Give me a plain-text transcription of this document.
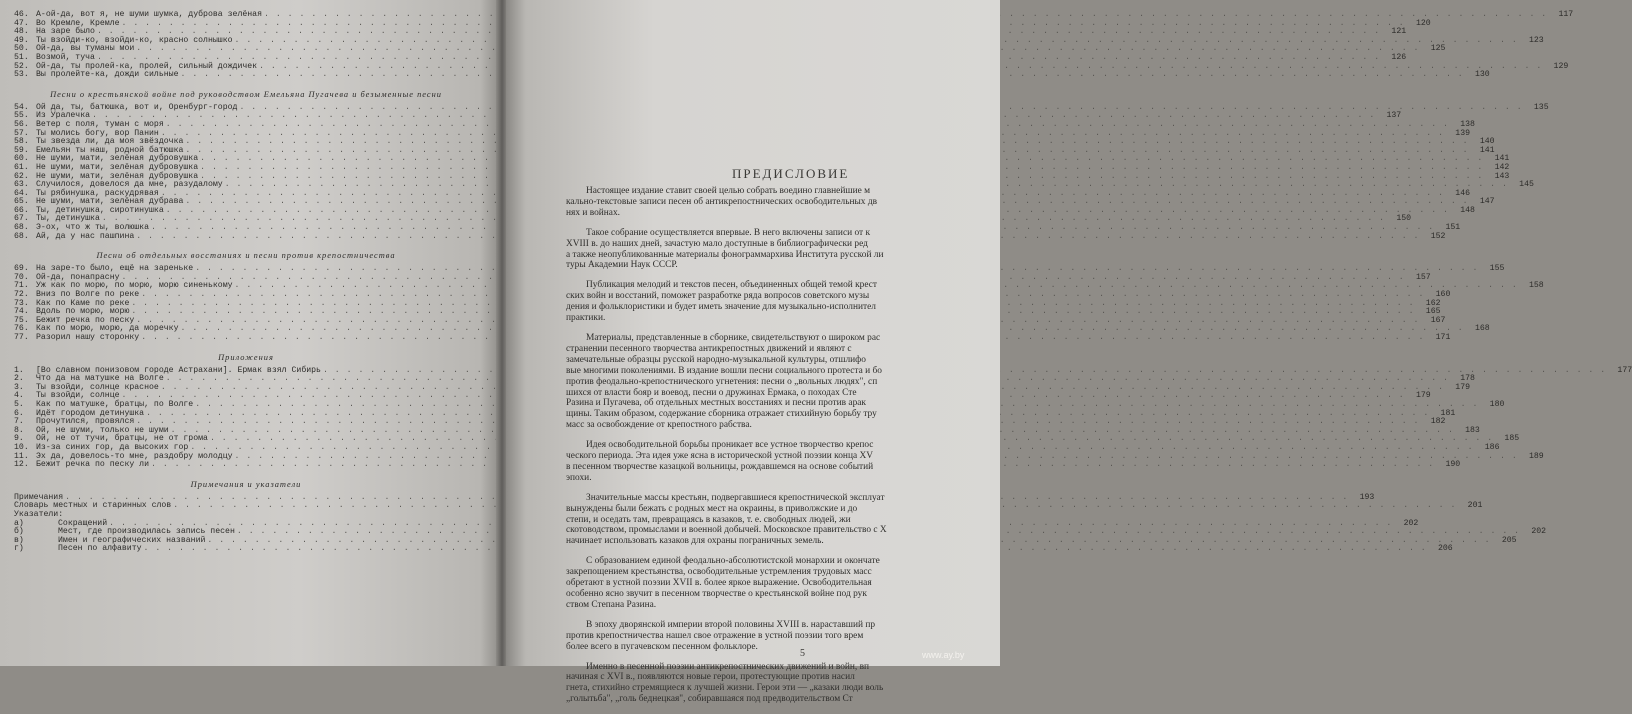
46. А-ой-да, вот я, не шуми шумка, дуброва зелёная . . .	117
47. Во Кремле, Кремле . . .	120
48. На заре было . . .	121
49. Ты взойди-ко, взойди-ко, красно солнышко . . .	123
50. Ой-да, вы туманы мои . . .	125
51. Возмой, туча . . .	126
52. Ой-да, ты пролей-ка, пролей, сильный дождичек . . .	129
53. Вы пролейте-ка, дожди сильные . . .	130
Песни о крестьянской войне под руководством Емельяна Пугачева и безыменные песни
54. Ой да, ты, батюшка, вот и, Оренбург-город . . .	135
55. Из Уралечка . . .	137
56. Ветер с поля, туман с моря . . .	138
57. Ты молись богу, вор Панин . . .	139
58. Ты звезда ли, да моя звёздочка . . .	140
59. Емельян ты наш, родной батюшка . . .	141
60. Не шуми, мати, зелёная дубровушка . . .	141
61. Не шуми, мати, зелёная дубровушка . . .	142
62. Не шуми, мати, зелёная дубровушка . . .	143
63. Случилося, довелося да мне, разудалому . . .	145
64. Ты рябинушка, раскудрявая . . .	146
65. Не шуми, мати, зелёная дубрава . . .	147
66. Ты, детинушка, сиротинушка . . .	148
67. Ты, детинушка . . .	150
68. Э-ох, что ж ты, волюшка . . .	151
68. Ай, да у нас пашпина . . .	152
Песни об отдельных восстаниях и песни против крепостничества
69. На заре-то было, ещё на зареньке . . .	155
70. Ой-да, понапрасну . . .	157
71. Уж как по морю, по морю, морю синенькому . . .	158
72. Вниз по Волге по реке . . .	160
73. Как по Каме по реке . . .	162
74. Вдоль по морю, морю . . .	165
75. Бежит речка по песку . . .	167
76. Как по морю, морю, да моречку . . .	168
77. Разорил нашу сторонку . . .	171
Приложения
1.	[Во славном понизовом городе Астрахани]. Ермак взял Сибирь . . .	177
2.	Что да на матушке на Волге . . .	178
3.	Ты взойди, солнце красное . . .	179
4.	Ты взойди, солнце . . .	179
5.	Как по матушке, братцы, по Волге . . .	180
6.	Идёт городом детинушка . . .	181
7.	Прочутился, провялся . . .	182
8.	Ой, не шуми, только не шуми . . .	183
9.	Ой, не от тучи, братцы, не от грома . . .	185
10. Из-за синих гор, да высоких гор . . .	186
11. Эх да, довелось-то мне, раздобру молодцу . . .	189
12. Бежит речка по песку ли . . .	190
Примечания и указатели
Примечания . . .	193
Словарь местных и старинных слов . . .	201
Указатели:
а)	Сокращений . . .	202
б)	Мест, где производилась запись песен . . .	202
в)	Имен и географических названий . . .	205
г)	Песен по алфавиту . . .	206
ПРЕДИСЛОВИЕ

Настоящее издание ставит своей целью собрать воедино главнейшие м
кально-текстовые записи песен об антикрепостнических освободительных дв
нях и войнах.

Такое собрание осуществляется впервые. В него включены записи от к
XVIII в. до наших дней, зачастую мало доступные в библиографически ред
а также неопубликованные материалы фонограммархива Института русской ли
туры Академии Наук СССР.

Публикация мелодий и текстов песен, объединенных общей темой крест
ских войн и восстаний, поможет разработке ряда вопросов советского музы
дения и фольклористики и будет иметь значение для музыкально-исполнител
практики.

Материалы, представленные в сборнике, свидетельствуют о широком рас
странении песенного творчества антикрепостных движений и являют с
замечательные образцы русской народно-музыкальной культуры, отшлифо
вые многими поколениями. В издание вошли песни социального протеста и бо
против феодально-крепостнического угнетения: песни о „вольных людях", сп
шихся от власти бояр и воевод, песни о дружинах Ермака, о походах Сте
Разина и Пугачева, об отдельных местных восстаниях и песни против арак
щины. Таким образом, содержание сборника отражает стихийную борьбу тру
масс за освобождение от крепостного рабства.

Идея освободительной борьбы проникает все устное творчество крепос
ческого периода. Эта идея уже ясна в исторической устной поэзии конца XV
в песенном творчестве казацкой вольницы, рождавшемся на основе событий
эпохи.

Значительные массы крестьян, подвергавшиеся крепостнической эксплуат
вынуждены были бежать с родных мест на окраины, в приволжские и до
степи, и оседать там, превращаясь в казаков, т. е. свободных людей, жи
скотоводством, промыслами и военной добычей. Московское правительство с Х
начинает использовать казаков для охраны пограничных земель.

С образованием единой феодально-абсолютистской монархии и окончате
закрепощением крестьянства, освободительные устремления трудовых масс
обретают в устной поэзии XVII в. более яркое выражение. Освободительная
особенно ясно звучит в песенном творчестве о крестьянской войне под рук
ством Степана Разина.

В эпоху дворянской империи второй половины XVIII в. нараставший пр
против крепостничества нашел свое отражение в устной поэзии того врем
более всего в пугачевском песенном фольклоре.

Именно в песенной поэзии антикрепостнических движений и войн, вп
начиная с XVI в., появляются новые герои, протестующие против насил
гнета, стихийно стремящиеся к лучшей жизни. Герои эти — „казаки люди воль
„голытьба", „голь беднецкая", собиравшаяся под предводительством Ст

5	www.ay.by
